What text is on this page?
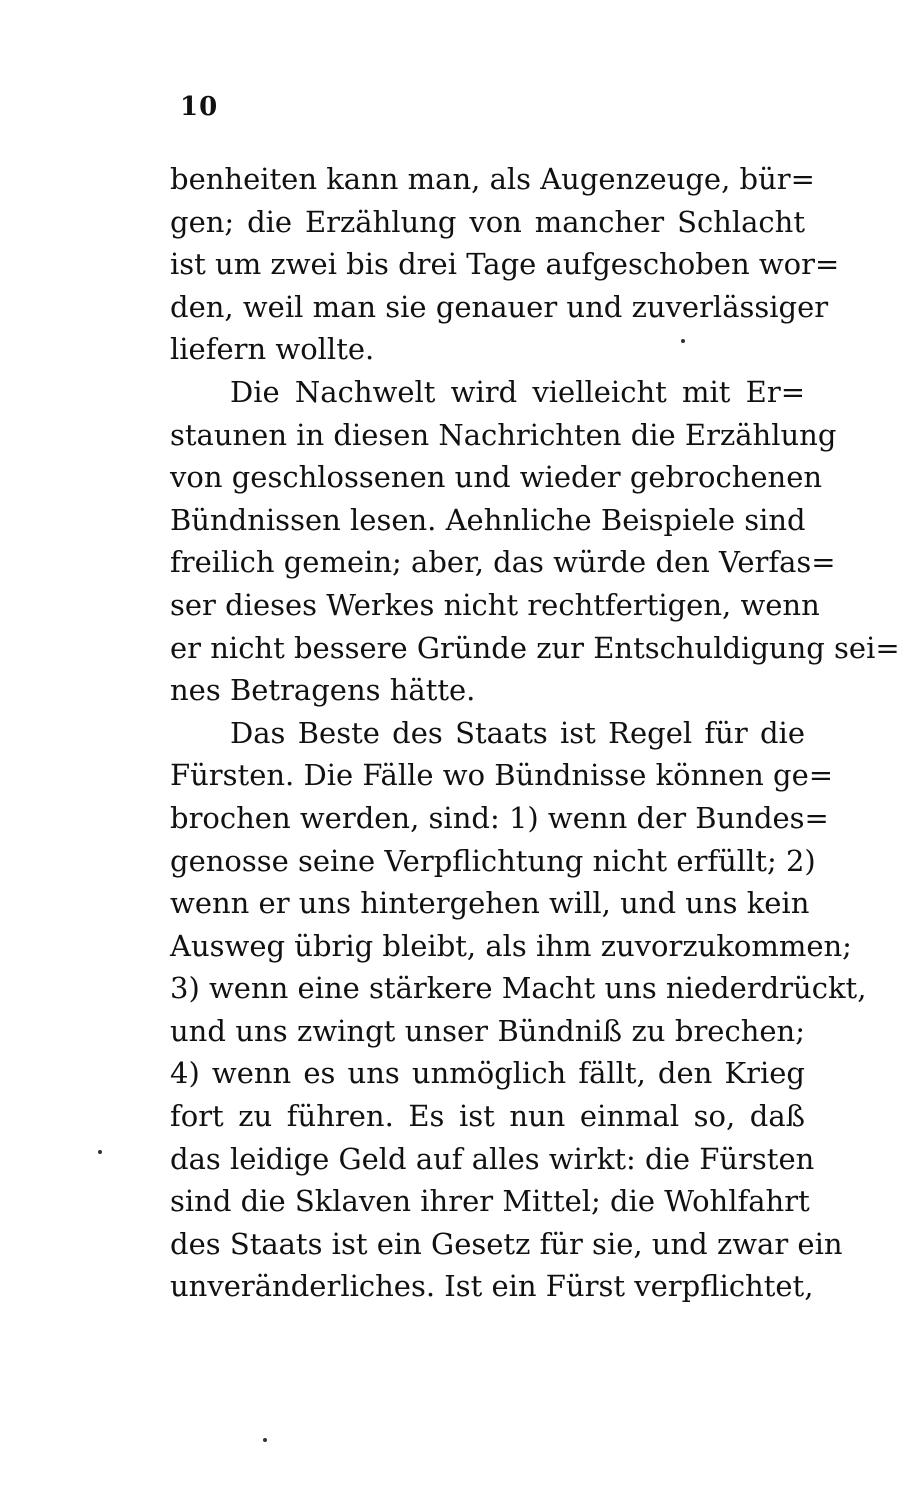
10
benheiten kann man, als Augenzeuge, bür=
gen; die Erzählung von mancher Schlacht
ist um zwei bis drei Tage aufgeschoben wor=
den, weil man sie genauer und zuverlässiger
liefern wollte.
Die Nachwelt wird vielleicht mit Er=
staunen in diesen Nachrichten die Erzählung
von geschlossenen und wieder gebrochenen
Bündnissen lesen. Aehnliche Beispiele sind
freilich gemein; aber, das würde den Verfas=
ser dieses Werkes nicht rechtfertigen, wenn
er nicht bessere Gründe zur Entschuldigung sei=
nes Betragens hätte.
Das Beste des Staats ist Regel für die
Fürsten. Die Fälle wo Bündnisse können ge=
brochen werden, sind: 1) wenn der Bundes=
genosse seine Verpflichtung nicht erfüllt; 2)
wenn er uns hintergehen will, und uns kein
Ausweg übrig bleibt, als ihm zuvorzukommen;
3) wenn eine stärkere Macht uns niederdrückt,
und uns zwingt unser Bündniß zu brechen;
4) wenn es uns unmöglich fällt, den Krieg
fort zu führen. Es ist nun einmal so, daß
das leidige Geld auf alles wirkt: die Fürsten
sind die Sklaven ihrer Mittel; die Wohlfahrt
des Staats ist ein Gesetz für sie, und zwar ein
unveränderliches. Ist ein Fürst verpflichtet,
